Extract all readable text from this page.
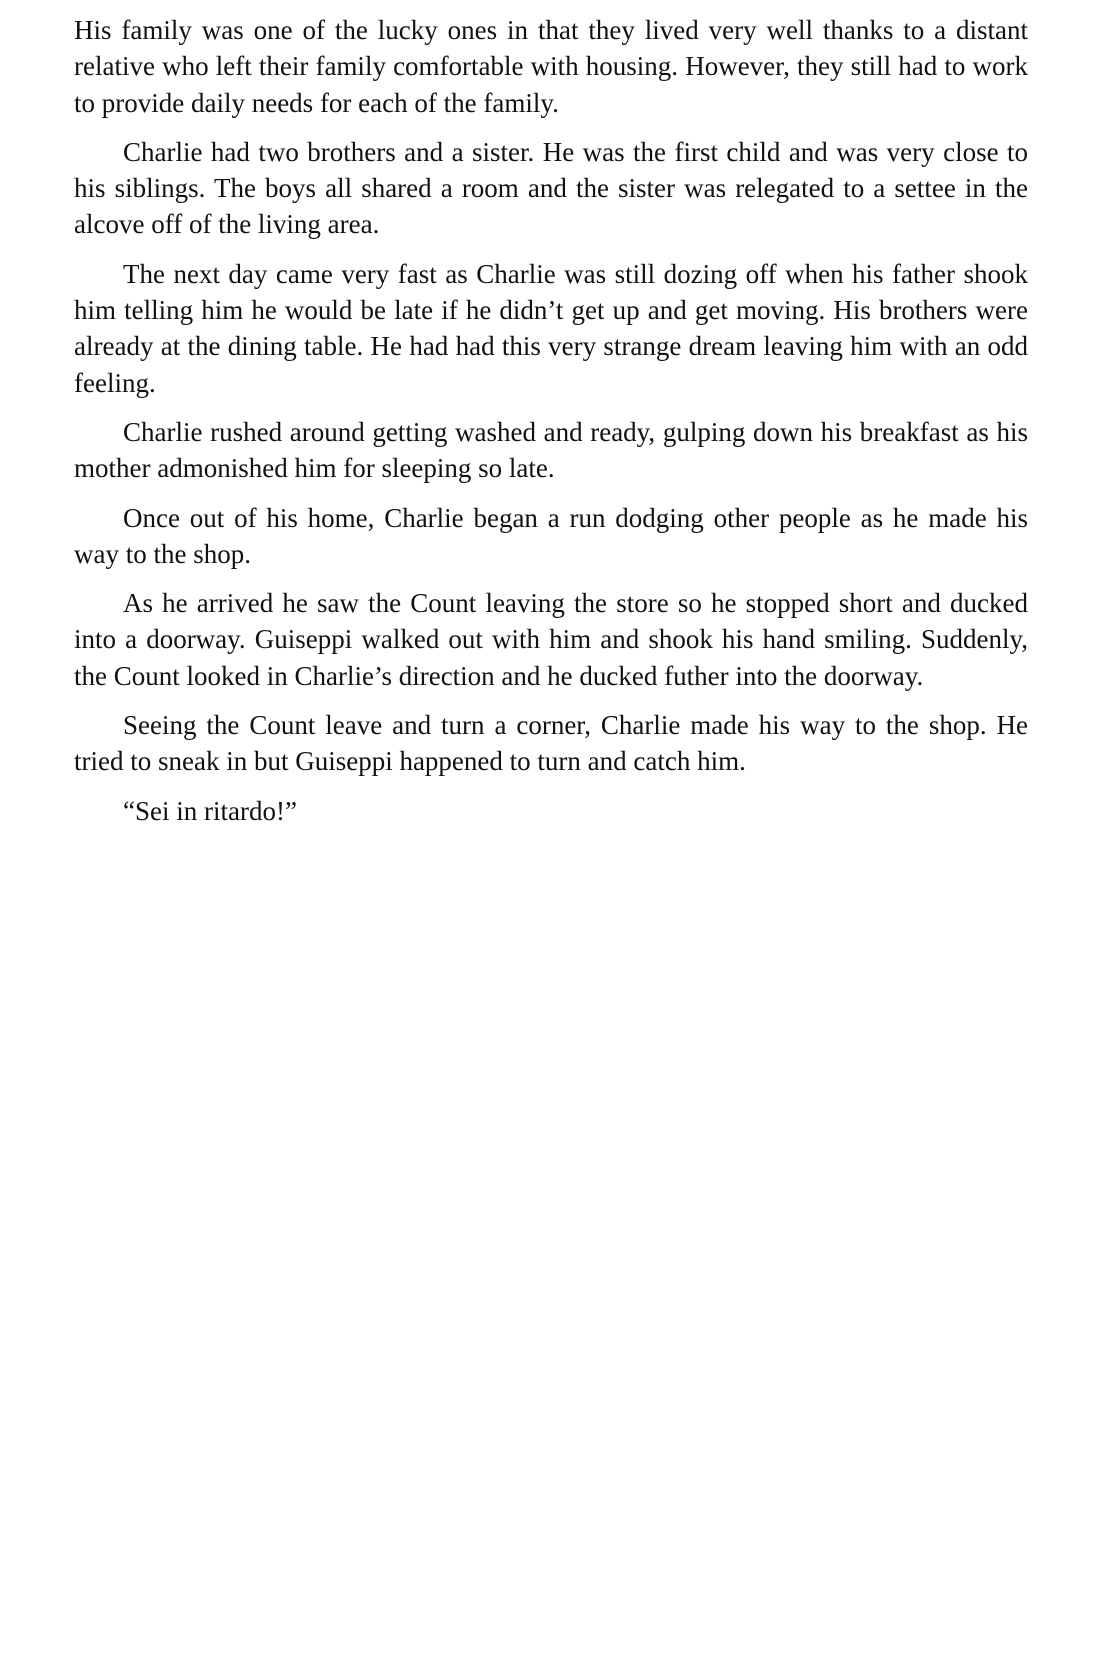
His family was one of the lucky ones in that they lived very well thanks to a distant relative who left their family comfortable with housing. However, they still had to work to provide daily needs for each of the family.

Charlie had two brothers and a sister. He was the first child and was very close to his siblings. The boys all shared a room and the sister was relegated to a settee in the alcove off of the living area.

The next day came very fast as Charlie was still dozing off when his father shook him telling him he would be late if he didn’t get up and get moving. His brothers were already at the dining table. He had had this very strange dream leaving him with an odd feeling.

Charlie rushed around getting washed and ready, gulping down his breakfast as his mother admonished him for sleeping so late.

Once out of his home, Charlie began a run dodging other people as he made his way to the shop.

As he arrived he saw the Count leaving the store so he stopped short and ducked into a doorway. Guiseppi walked out with him and shook his hand smiling. Suddenly, the Count looked in Charlie’s direction and he ducked futher into the doorway.

Seeing the Count leave and turn a corner, Charlie made his way to the shop. He tried to sneak in but Guiseppi happened to turn and catch him.

“Sei in ritardo!”
